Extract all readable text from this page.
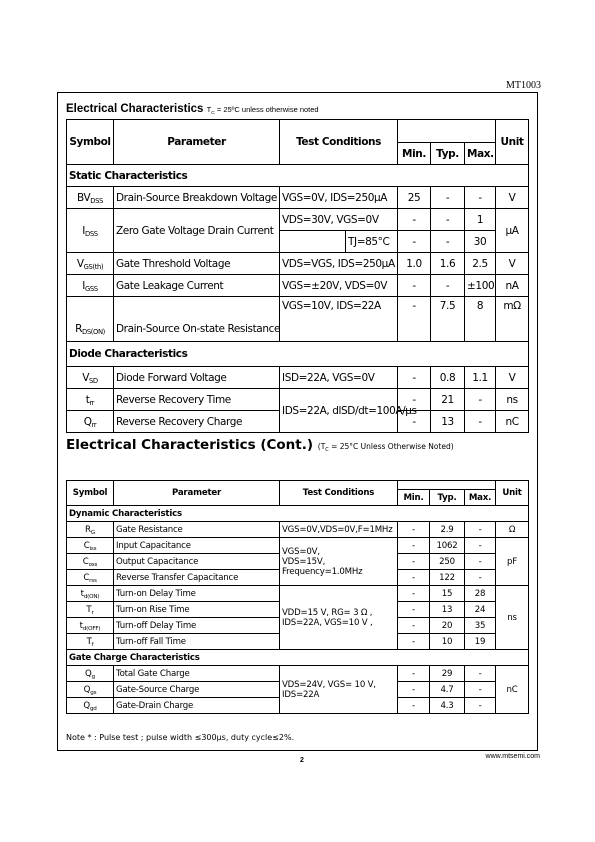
MT1003
Electrical Characteristics $T_C$ = 25ºC unless otherwise noted
Symbol	Parameter	Test Conditions					Unit
				Min.	Typ.	Max.	
Static Characteristics							
$BV_{DSS}$	Drain-Source Breakdown Voltage	VGS=0V, IDS=250µA		25	-	-	V
$I_{DSS}$	Zero Gate Voltage Drain Current	VDS=30V, VGS=0V		-	-	1	µA
			TJ=85°C	-	-	30	
$V_{GS(th)}$	Gate Threshold Voltage	VDS=VGS, IDS=250µA		1.0	1.6	2.5	V
$I_{GSS}$	Gate Leakage Current	VGS=±20V, VDS=0V		-	-	±100	nA
$R_{DS(ON)}$	Drain-Source On-state Resistance	VGS=10V, IDS=22A		-	7.5	8	mΩ
Diode Characteristics							
$V_{SD}$	Diode Forward Voltage	ISD=22A, VGS=0V		-	0.8	1.1	V
$t_{rr}$	Reverse Recovery Time	IDS=22A, dlSD/dt=100A/µs		-	21	-	ns
$Q_{rr}$	Reverse Recovery Charge			-	13	-	nC
Electrical Characteristics (Cont.) ($T_C = 25^\circ C$ Unless Otherwise Noted)
Symbol	Parameter	Test Conditions				Unit
			Min.	Typ.	Max.	
Dynamic Characteristics						
$R_G$	Gate Resistance	VGS=0V,VDS=0V,F=1MHz	-	2.9	-	Ω
$C_{iss}$	Input Capacitance	VGS=0V,
VDS=15V,
Frequency=1.0MHz	-	1062	-	pF
$C_{oss}$	Output Capacitance		-	250	-	
$C_{rss}$	Reverse Transfer Capacitance		-	122	-	
$t_{d(ON)}$	Turn-on Delay Time	VDD=15 V, RG= 3 Ω ,
IDS=22A, VGS=10 V ,	-	15	28	ns
$T_r$	Turn-on Rise Time		-	13	24	
$t_{d(OFF)}$	Turn-off Delay Time		-	20	35	
$T_f$	Turn-off Fall Time		-	10	19	
Gate Charge Characteristics						
$Q_g$	Total Gate Charge	VDS=24V, VGS= 10 V,
IDS=22A	-	29	-	nC
$Q_{gs}$	Gate-Source Charge		-	4.7	-	
$Q_{gd}$	Gate-Drain Charge		-	4.3	-	
Note * : Pulse test ; pulse width ≤300µs, duty cycle≤2%.
www.mtsemi.com
2
